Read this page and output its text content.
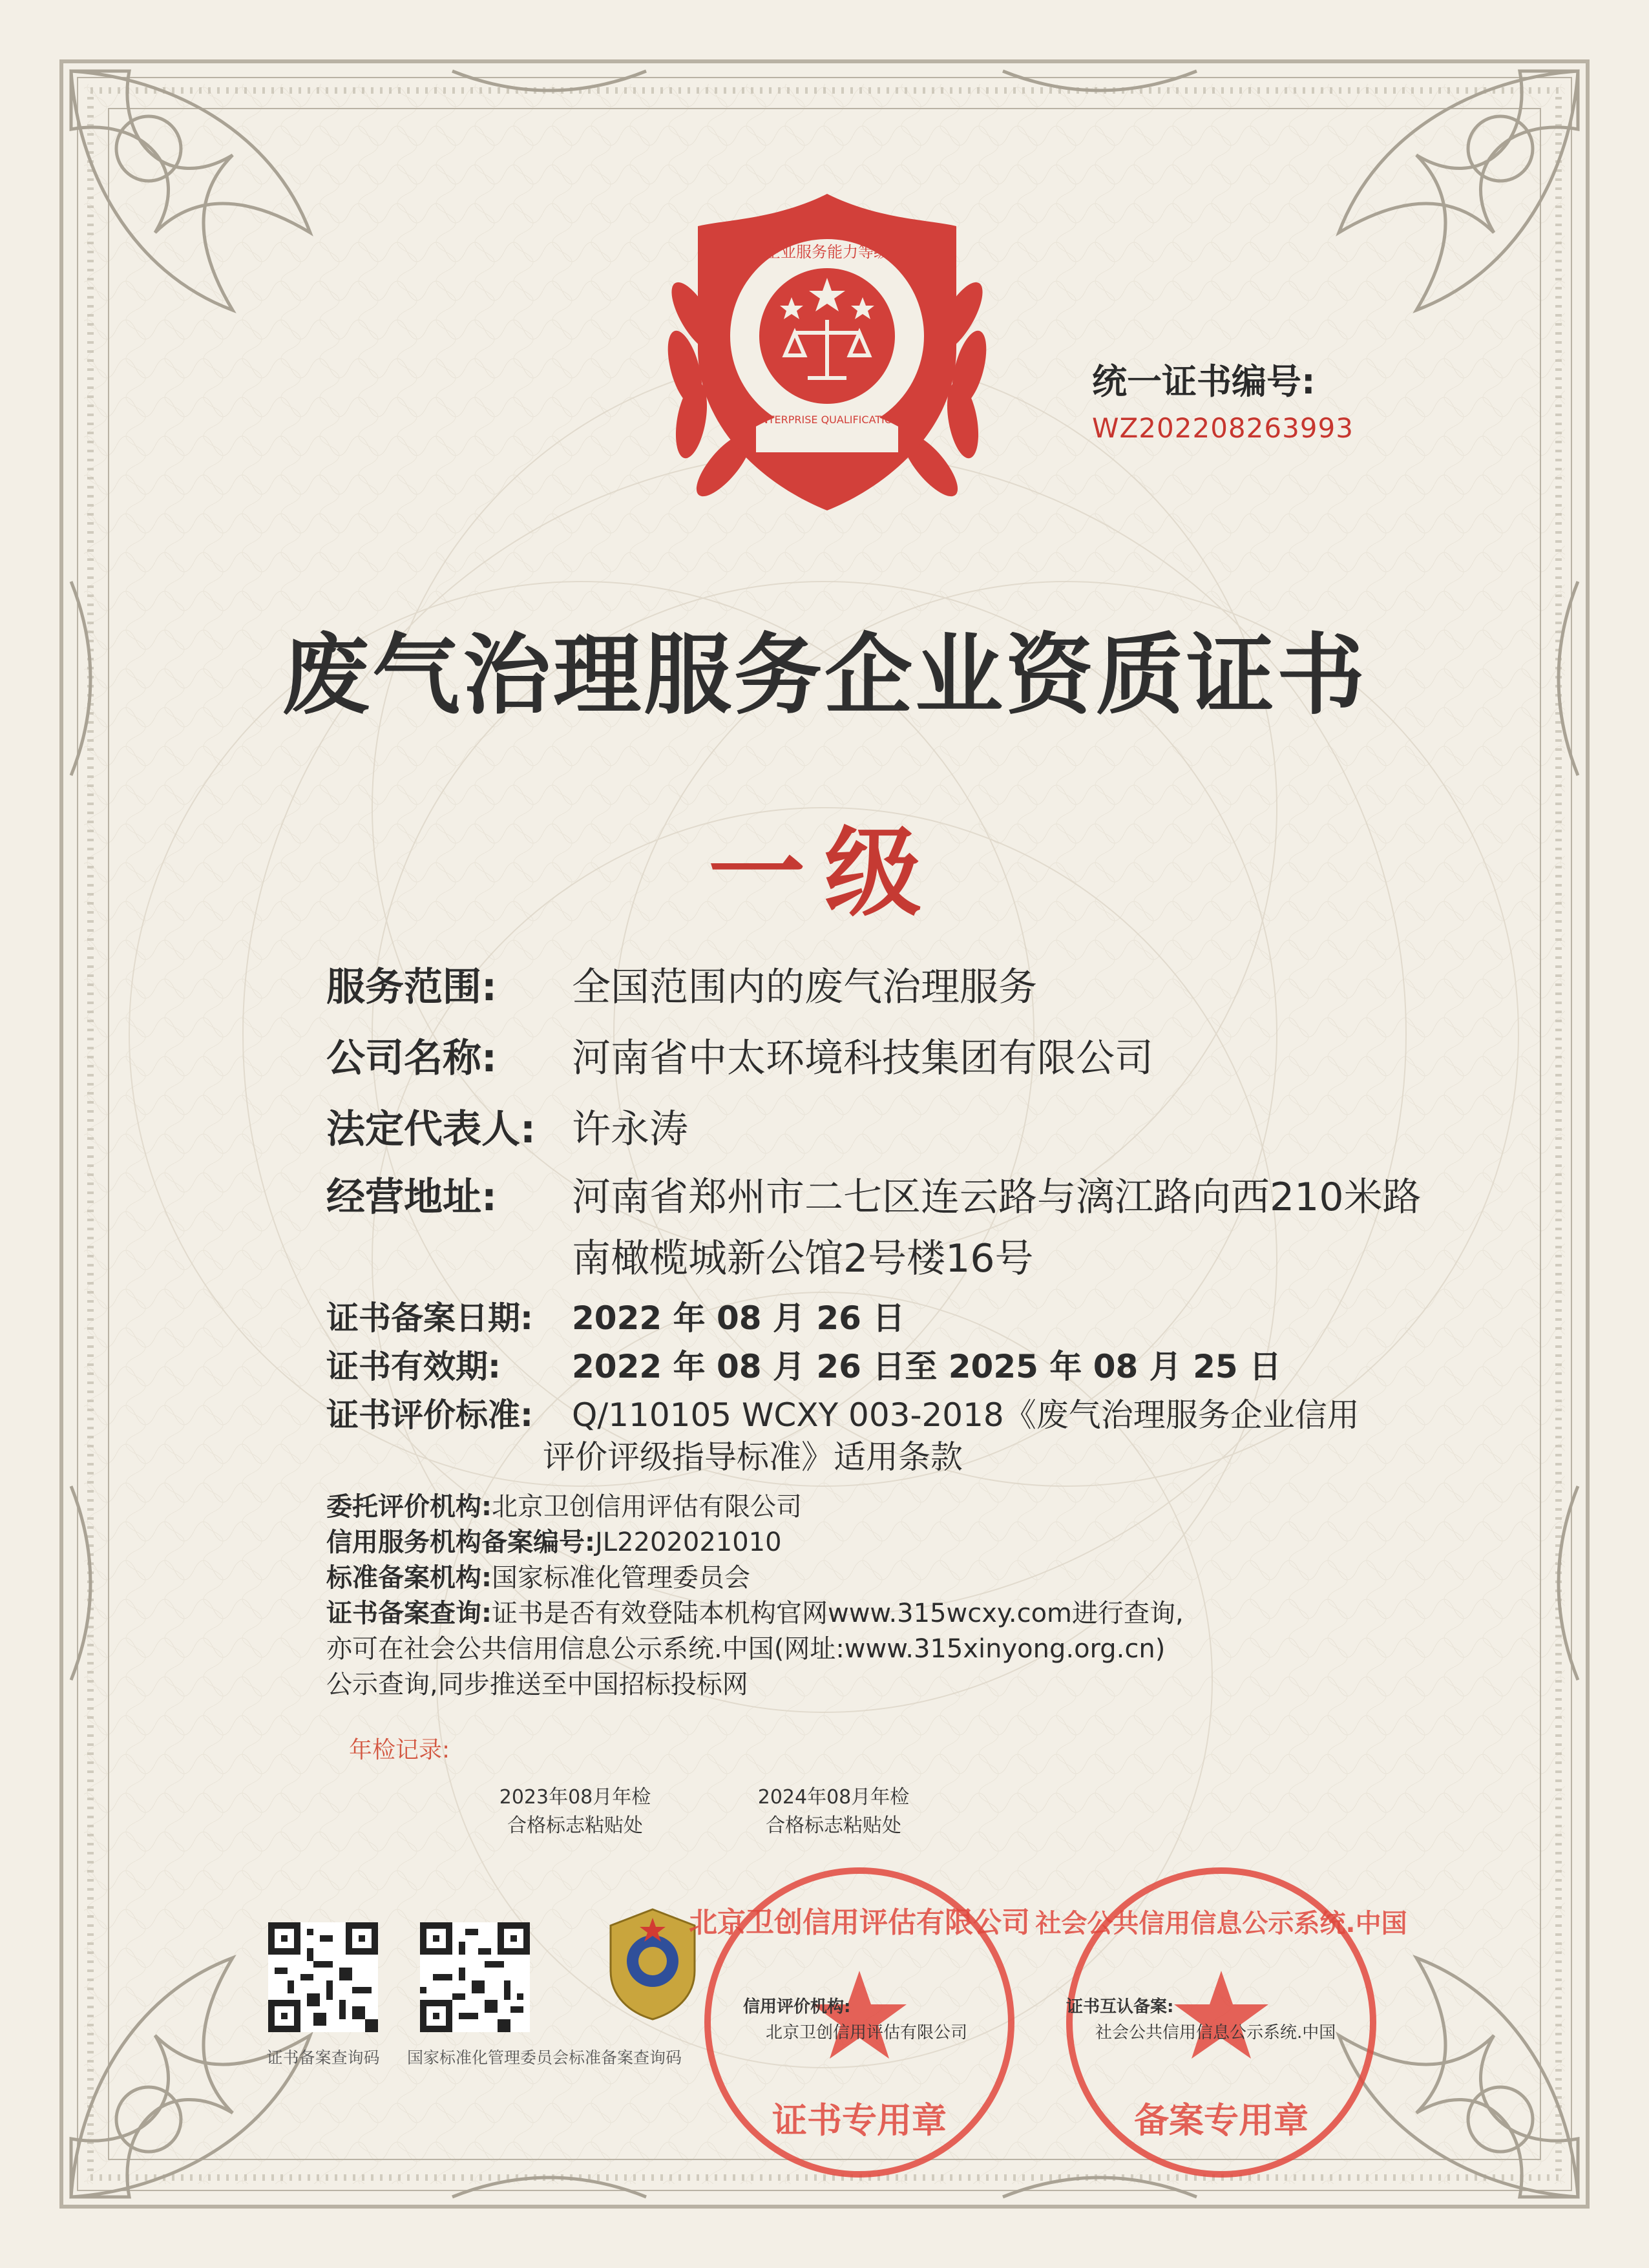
中国企业服务能力等级认证
ENTERPRISE QUALIFICATION
统一证书编号:
WZ202208263993
废气治理服务企业资质证书
一级
服务范围:	全国范围内的废气治理服务
公司名称:	河南省中太环境科技集团有限公司
法定代表人: 许永涛
经营地址:	河南省郑州市二七区连云路与漓江路向西210米路
南橄榄城新公馆2号楼16号
证书备案日期:	2022 年 08 月 26 日
证书有效期:	2022 年 08 月 26 日至 2025 年 08 月 25 日
证书评价标准:	Q/110105 WCXY 003-2018《废气治理服务企业信用
评价评级指导标准》适用条款
委托评价机构: 北京卫创信用评估有限公司
信用服务机构备案编号: JL2202021010
标准备案机构: 国家标准化管理委员会
证书备案查询: 证书是否有效登陆本机构官网www.315wcxy.com进行查询,
亦可在社会公共信用信息公示系统.中国(网址:www.315xinyong.org.cn)
公示查询,同步推送至中国招标投标网
年检记录:
2023年08月年检
合格标志粘贴处
2024年08月年检
合格标志粘贴处
证书备案查询码	国家标准化管理委员会标准备案查询码
北京卫创信用评估有限公司
证书专用章
信用评价机构:
北京卫创信用评估有限公司
社会公共信用信息公示系统.中国
备案专用章
证书互认备案:
社会公共信用信息公示系统.中国
